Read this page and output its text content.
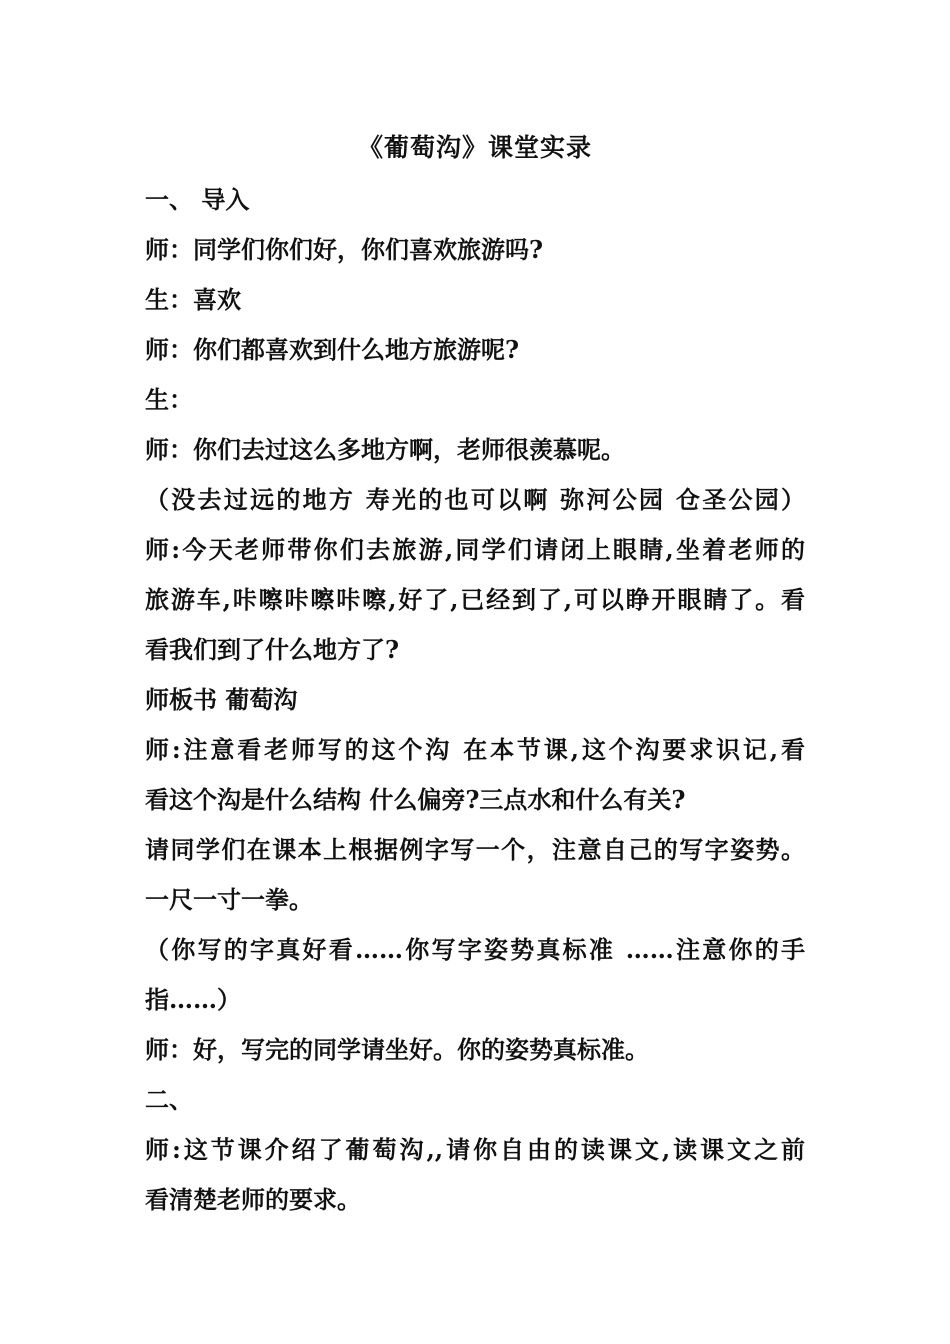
《葡萄沟》课堂实录
一、 导入
师：同学们你们好，你们喜欢旅游吗?
生：喜欢
师：你们都喜欢到什么地方旅游呢?
生：
师：你们去过这么多地方啊，老师很羡慕呢。
（没去过远的地方 寿光的也可以啊 弥河公园 仓圣公园）
师:今天老师带你们去旅游,同学们请闭上眼睛,坐着老师的
旅游车,咔嚓咔嚓咔嚓,好了,已经到了,可以睁开眼睛了。看
看我们到了什么地方了?
师板书 葡萄沟
师:注意看老师写的这个沟 在本节课,这个沟要求识记,看
看这个沟是什么结构 什么偏旁?三点水和什么有关?
请同学们在课本上根据例字写一个，注意自己的写字姿势。
一尺一寸一拳。
（你写的字真好看……你写字姿势真标准 ……注意你的手
指……）
师：好，写完的同学请坐好。你的姿势真标准。
二、
师:这节课介绍了葡萄沟,,请你自由的读课文,读课文之前
看清楚老师的要求。
